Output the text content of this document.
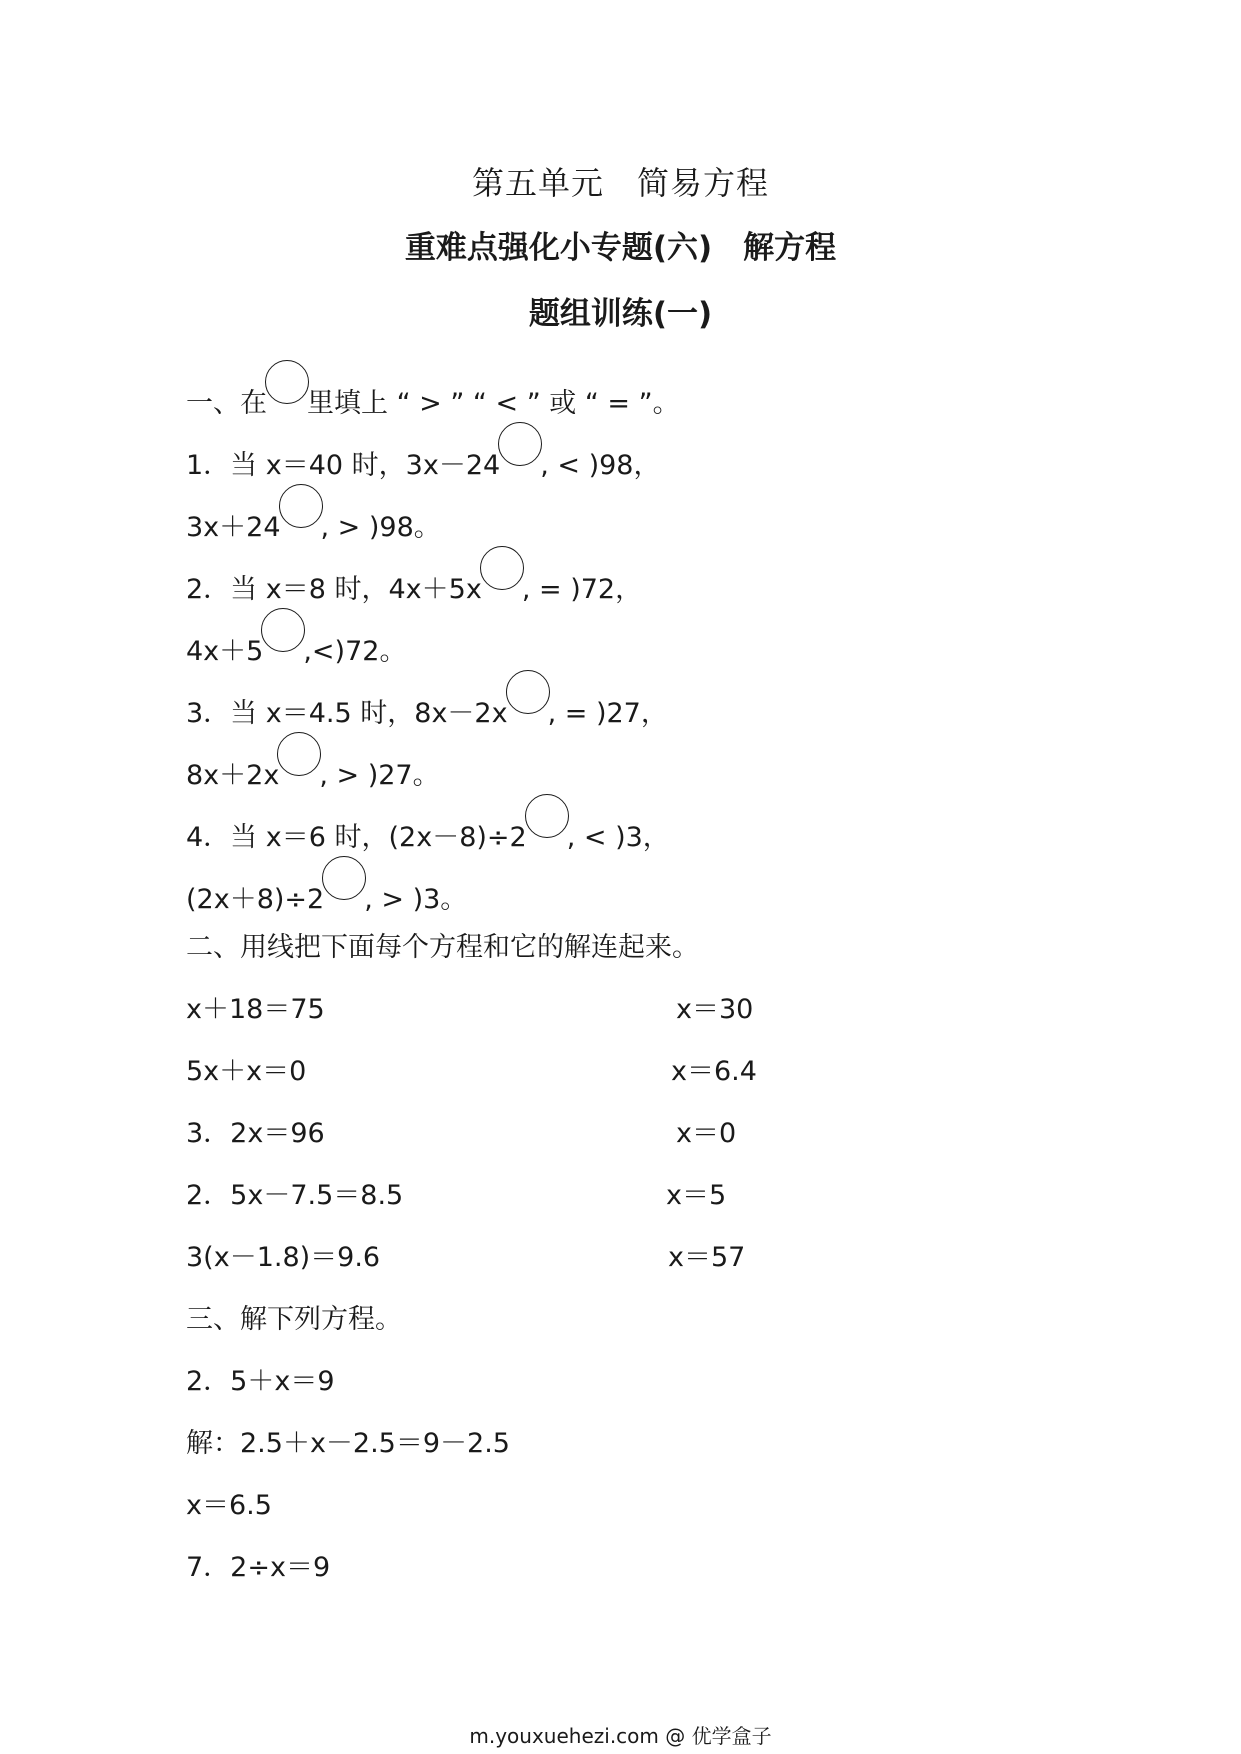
第五单元　简易方程
重难点强化小专题(六)　解方程
题组训练(一)
一、在 里填上 “ > ” “ < ” 或 “ = ”。
1．当 x＝40 时，3x－24 , < )98，
3x＋24 , > )98。
2．当 x＝8 时，4x＋5x , = )72，
4x＋5 ,<)72。
3．当 x＝4.5 时，8x－2x , = )27，
8x＋2x , > )27。
4．当 x＝6 时，(2x－8)÷2 , < )3，
(2x＋8)÷2 , > )3。
二、用线把下面每个方程和它的解连起来。
x＋18＝75
5x＋x＝0
3．2x＝96
2．5x－7.5＝8.5
3(x－1.8)＝9.6
x＝30
x＝6.4
x＝0
x＝5
x＝57
三、解下列方程。
2．5＋x＝9
解：2.5＋x－2.5＝9－2.5
x＝6.5
7．2÷x＝9
m.youxuehezi.com @ 优学盒子
